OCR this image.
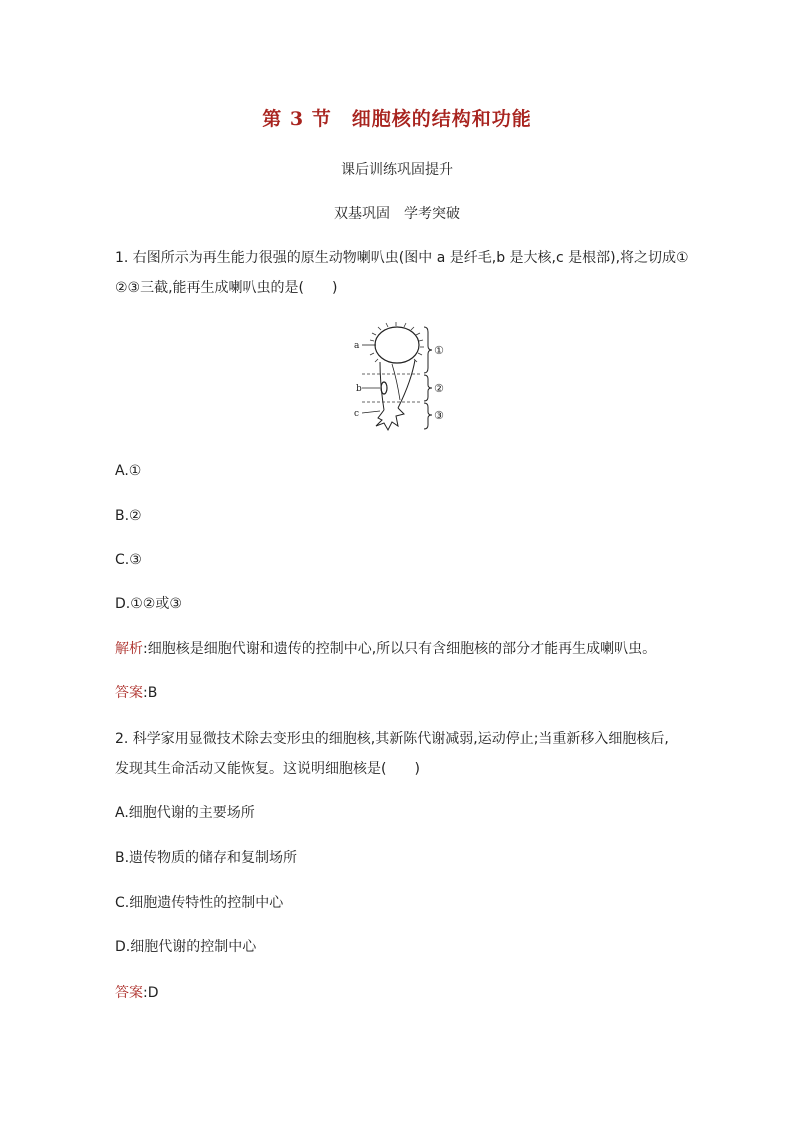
第 3 节　细胞核的结构和功能
课后训练巩固提升
双基巩固　学考突破
1. 右图所示为再生能力很强的原生动物喇叭虫(图中 a 是纤毛,b 是大核,c 是根部),将之切成①
②③三截,能再生成喇叭虫的是(　　)
a
b
c
①
②
③
A.①
B.②
C.③
D.①②或③
解析:细胞核是细胞代谢和遗传的控制中心,所以只有含细胞核的部分才能再生成喇叭虫。
答案:B
2. 科学家用显微技术除去变形虫的细胞核,其新陈代谢减弱,运动停止;当重新移入细胞核后,
发现其生命活动又能恢复。这说明细胞核是(　　)
A.细胞代谢的主要场所
B.遗传物质的储存和复制场所
C.细胞遗传特性的控制中心
D.细胞代谢的控制中心
答案:D
